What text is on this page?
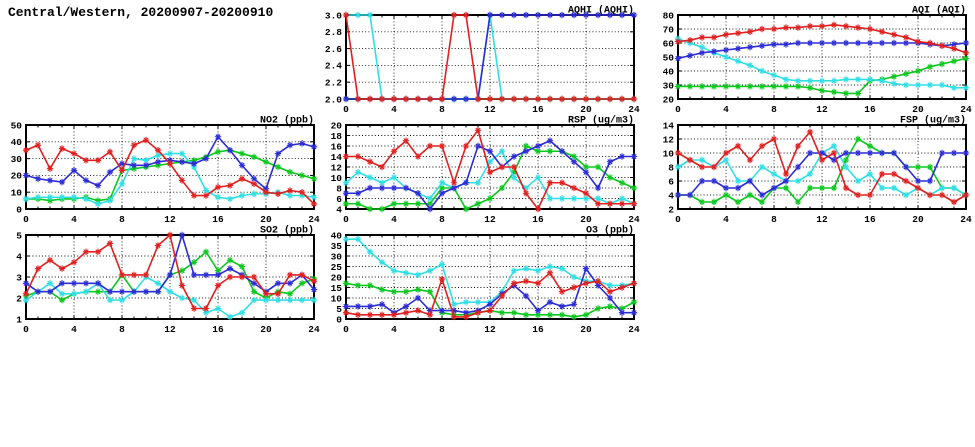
Central/Western, 20200907-20200910
2.0
2.2
2.4
2.6
2.8
3.0
0	4	8	12	16	20	24
AQHI (AQHI)
20
30
40
50
60
70
80
0	4	8	12	16	20	24
AQI (AQI)
0
10
20
30
40
50
0	4	8	12	16	20	24
NO2 (ppb)
4
6
8
10
12
14
16
18
20
0	4	8	12	16	20	24
RSP (ug/m3)
2
4
6
8
10
12
14
0	4	8	12	16	20	24
FSP (ug/m3)
1
2
3
4
5
0	4	8	12	16	20	24
SO2 (ppb)
0
5
10
15
20
25
30
35
40
0	4	8	12	16	20	24
O3 (ppb)
